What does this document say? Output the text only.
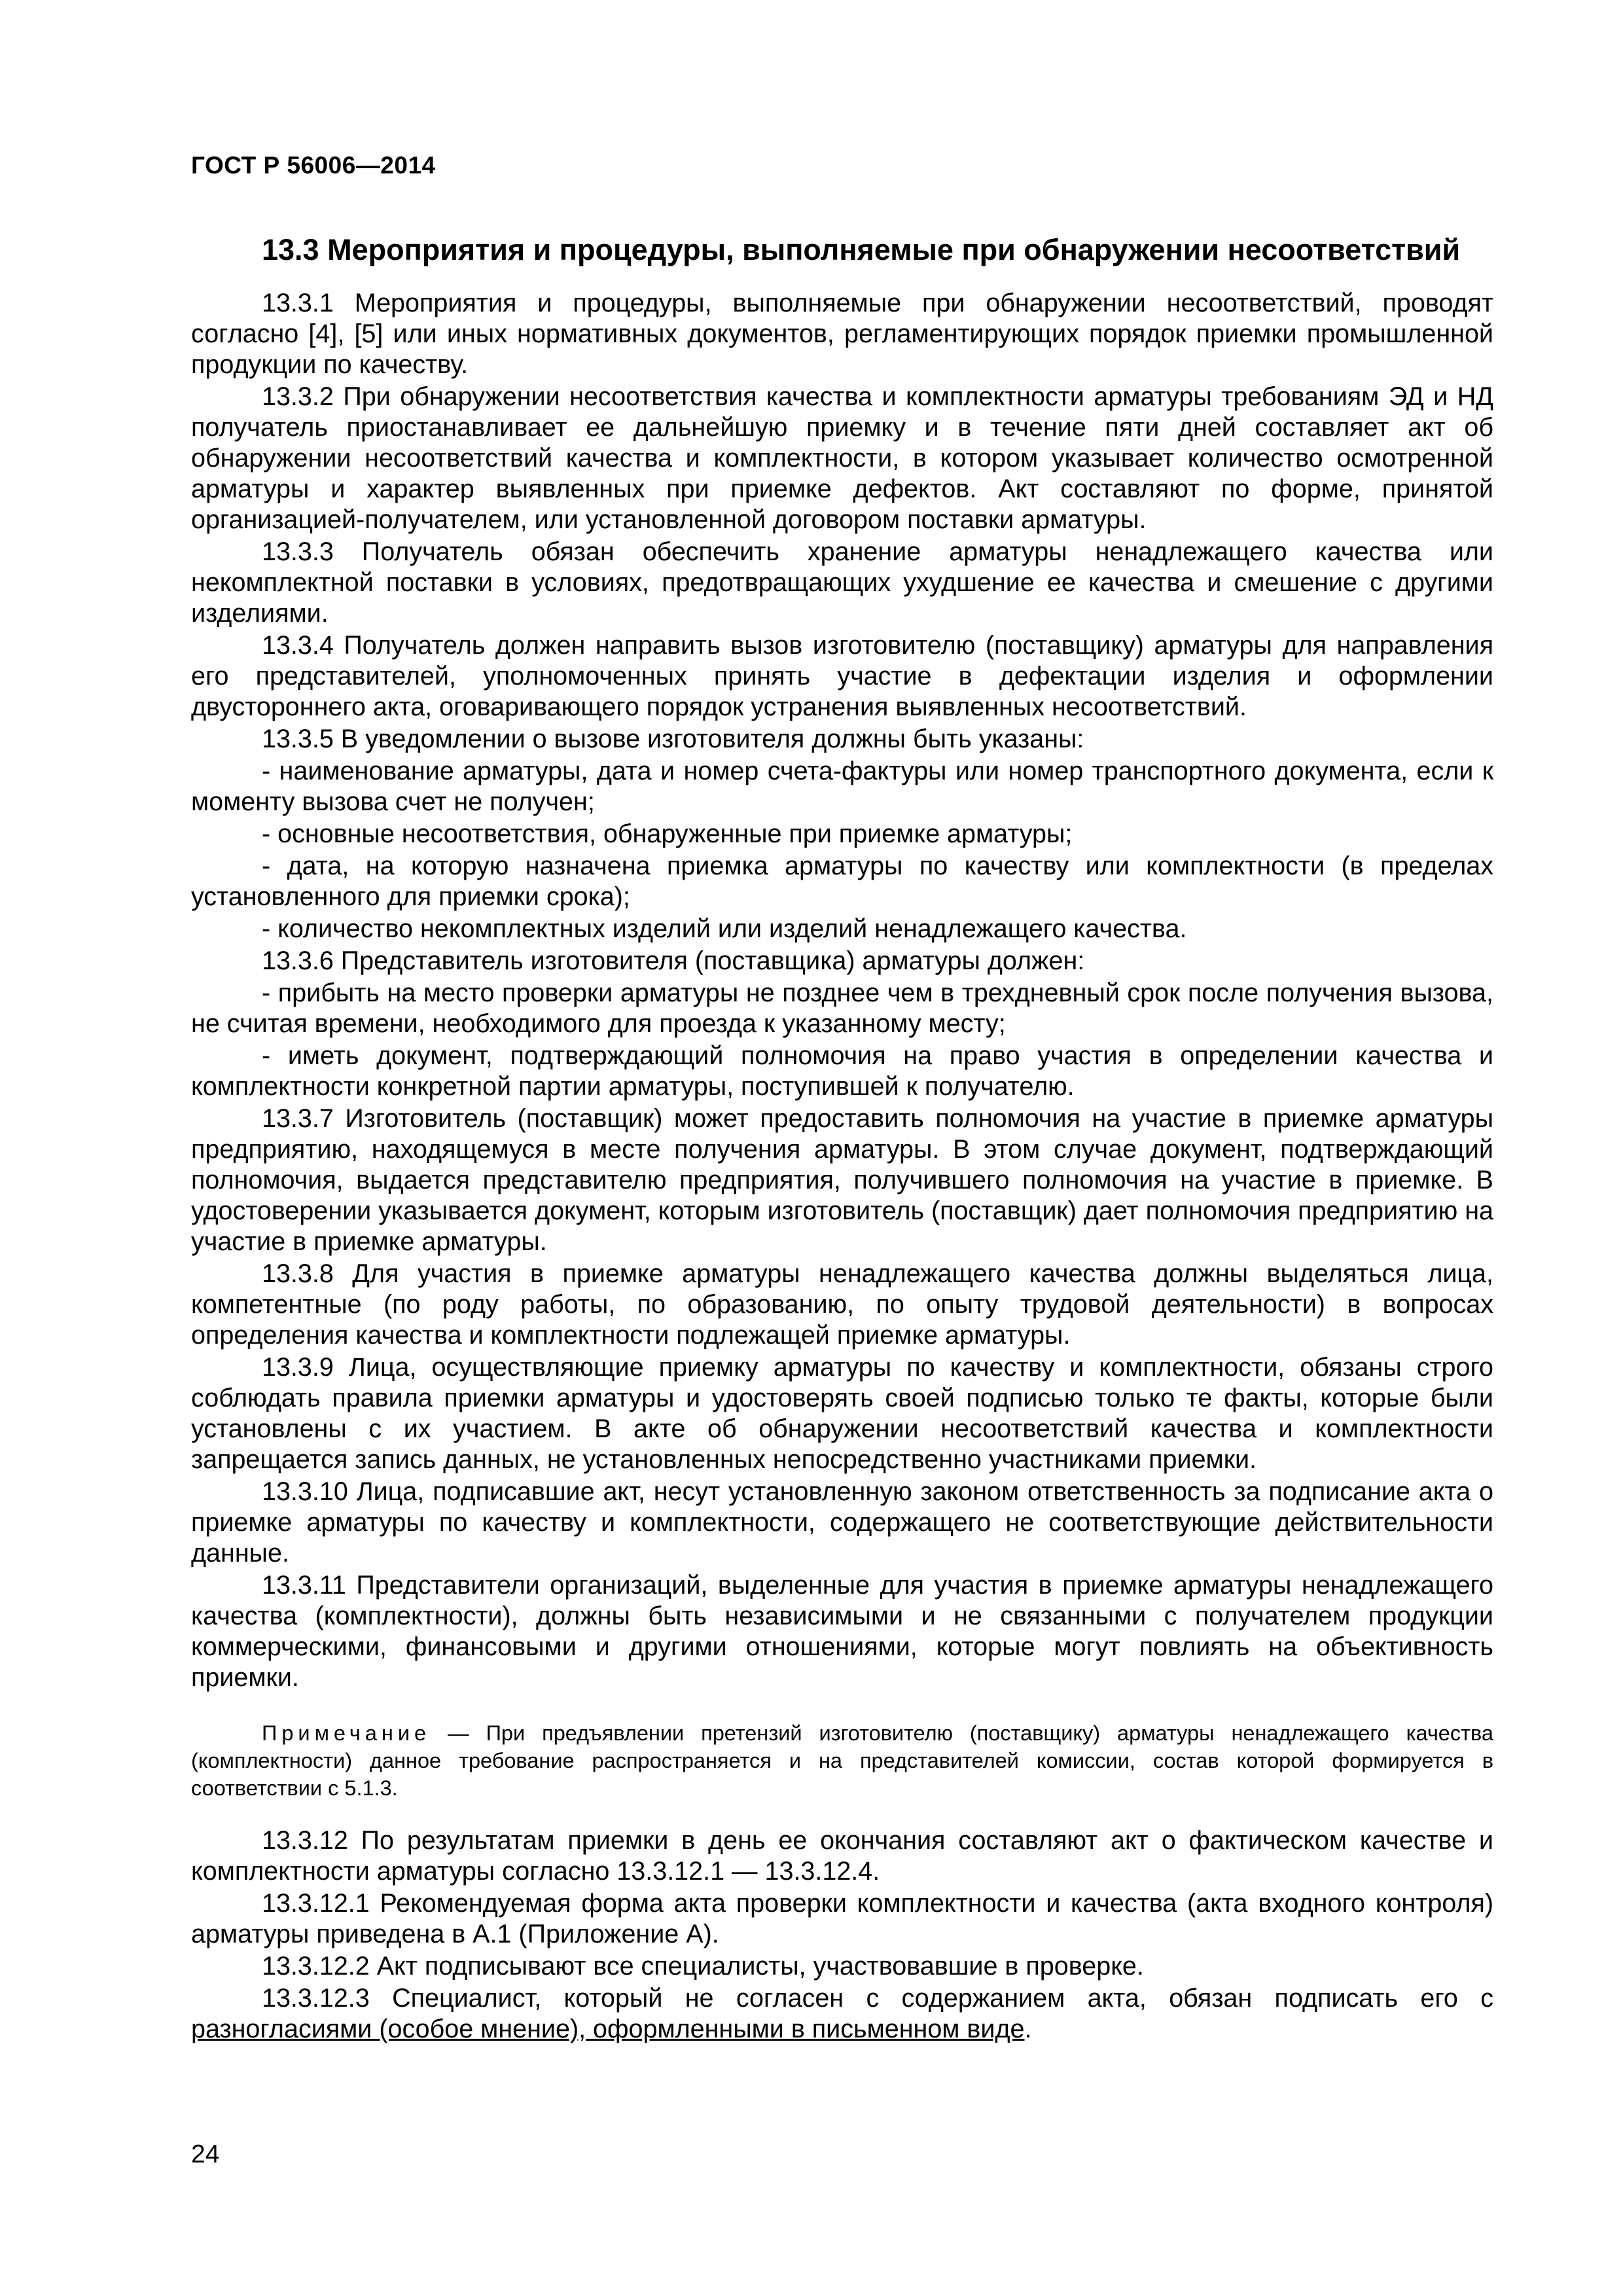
ГОСТ Р 56006—2014
13.3 Мероприятия и процедуры, выполняемые при обнаружении несоответствий

13.3.1 Мероприятия и процедуры, выполняемые при обнаружении несоответствий, проводят согласно [4], [5] или иных нормативных документов, регламентирующих порядок приемки промышленной продукции по качеству.

13.3.2 При обнаружении несоответствия качества и комплектности арматуры требованиям ЭД и НД получатель приостанавливает ее дальнейшую приемку и в течение пяти дней составляет акт об обнаружении несоответствий качества и комплектности, в котором указывает количество осмотренной арматуры и характер выявленных при приемке дефектов. Акт составляют по форме, принятой организацией-получателем, или установленной договором поставки арматуры.

13.3.3 Получатель обязан обеспечить хранение арматуры ненадлежащего качества или некомплектной поставки в условиях, предотвращающих ухудшение ее качества и смешение с другими изделиями.

13.3.4 Получатель должен направить вызов изготовителю (поставщику) арматуры для направления его представителей, уполномоченных принять участие в дефектации изделия и оформлении двустороннего акта, оговаривающего порядок устранения выявленных несоответствий.

13.3.5 В уведомлении о вызове изготовителя должны быть указаны:

- наименование арматуры, дата и номер счета-фактуры или номер транспортного документа, если к моменту вызова счет не получен;

- основные несоответствия, обнаруженные при приемке арматуры;

- дата, на которую назначена приемка арматуры по качеству или комплектности (в пределах установленного для приемки срока);

- количество некомплектных изделий или изделий ненадлежащего качества.

13.3.6 Представитель изготовителя (поставщика) арматуры должен:

- прибыть на место проверки арматуры не позднее чем в трехдневный срок после получения вызова, не считая времени, необходимого для проезда к указанному месту;

- иметь документ, подтверждающий полномочия на право участия в определении качества и комплектности конкретной партии арматуры, поступившей к получателю.

13.3.7 Изготовитель (поставщик) может предоставить полномочия на участие в приемке арматуры предприятию, находящемуся в месте получения арматуры. В этом случае документ, подтверждающий полномочия, выдается представителю предприятия, получившего полномочия на участие в приемке. В удостоверении указывается документ, которым изготовитель (поставщик) дает полномочия предприятию на участие в приемке арматуры.

13.3.8 Для участия в приемке арматуры ненадлежащего качества должны выделяться лица, компетентные (по роду работы, по образованию, по опыту трудовой деятельности) в вопросах определения качества и комплектности подлежащей приемке арматуры.

13.3.9 Лица, осуществляющие приемку арматуры по качеству и комплектности, обязаны строго соблюдать правила приемки арматуры и удостоверять своей подписью только те факты, которые были установлены с их участием. В акте об обнаружении несоответствий качества и комплектности запрещается запись данных, не установленных непосредственно участниками приемки.

13.3.10 Лица, подписавшие акт, несут установленную законом ответственность за подписание акта о приемке арматуры по качеству и комплектности, содержащего не соответствующие действительности данные.

13.3.11 Представители организаций, выделенные для участия в приемке арматуры ненадлежащего качества (комплектности), должны быть независимыми и не связанными с получателем продукции коммерческими, финансовыми и другими отношениями, которые могут повлиять на объективность приемки.

Примечание — При предъявлении претензий изготовителю (поставщику) арматуры ненадлежащего качества (комплектности) данное требование распространяется и на представителей комиссии, состав которой формируется в соответствии с 5.1.3.

13.3.12 По результатам приемки в день ее окончания составляют акт о фактическом качестве и комплектности арматуры согласно 13.3.12.1 — 13.3.12.4.

13.3.12.1 Рекомендуемая форма акта проверки комплектности и качества (акта входного контроля) арматуры приведена в А.1 (Приложение А).

13.3.12.2 Акт подписывают все специалисты, участвовавшие в проверке.

13.3.12.3 Специалист, который не согласен с содержанием акта, обязан подписать его с разногласиями (особое мнение), оформленными в письменном виде.

24
